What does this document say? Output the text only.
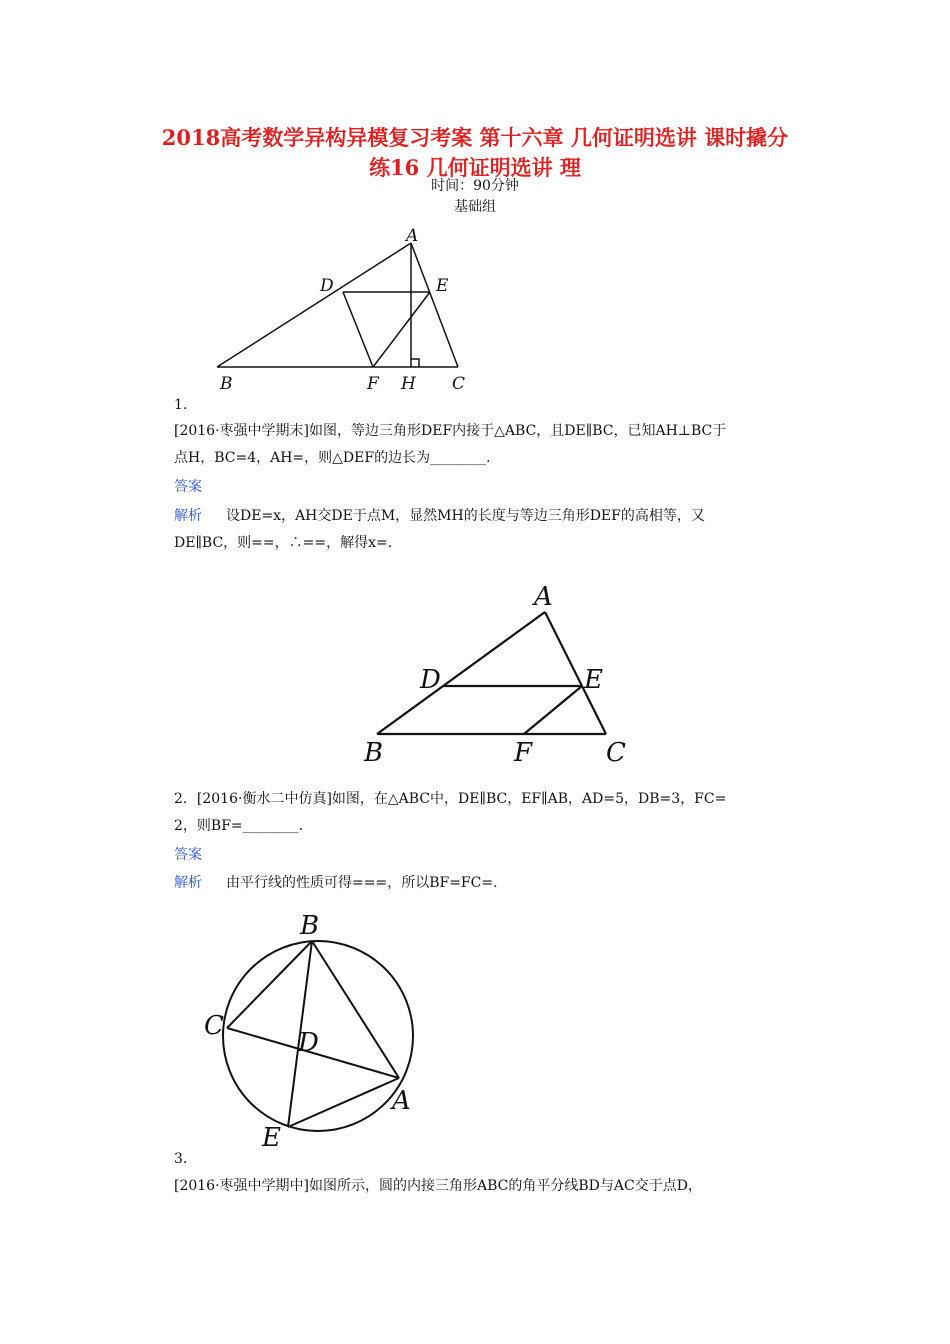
2018高考数学异构异模复习考案 第十六章 几何证明选讲 课时撬分
练16 几何证明选讲 理
时间：90分钟
基础组
A
D	E
B	F H C
1.
[2016·枣强中学期末]如图，等边三角形DEF内接于△ABC，且DE∥BC，已知AH⊥BC于
点H，BC=4，AH=，则△DEF的边长为________.
答案
解析 设DE=x，AH交DE于点M，显然MH的长度与等边三角形DEF的高相等，又
DE∥BC，则==，∴==，解得x=.
A
D	E
B	F	C
2．[2016·衡水二中仿真]如图，在△ABC中，DE∥BC，EF∥AB，AD=5，DB=3，FC=
2，则BF=________.
答案
解析 由平行线的性质可得===，所以BF=FC=.
B
C
D
A
E
3.
[2016·枣强中学期中]如图所示，圆的内接三角形ABC的角平分线BD与AC交于点D，
